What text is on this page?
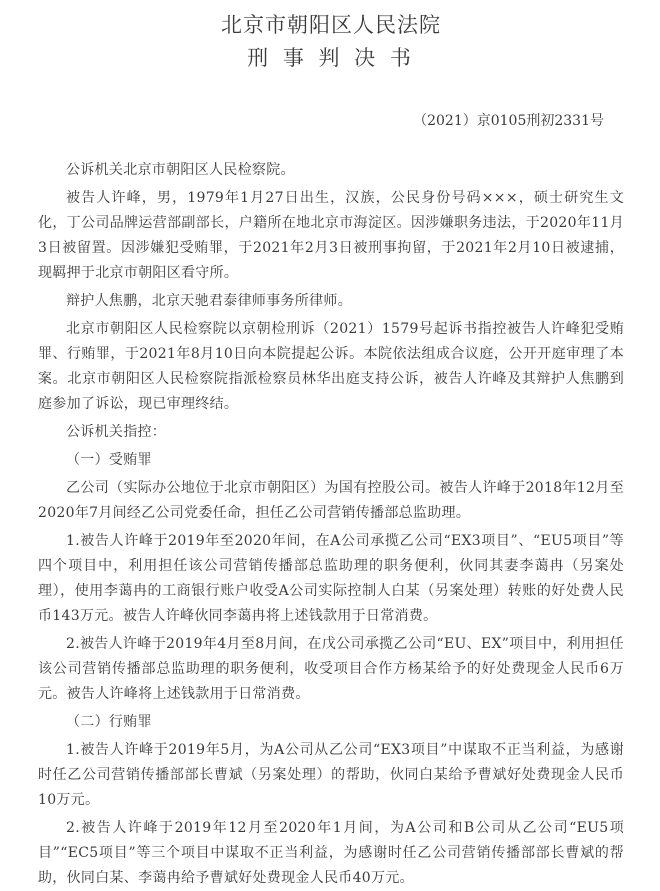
北京市朝阳区人民法院
刑 事 判 决 书
（2021）京0105刑初2331号

公诉机关北京市朝阳区人民检察院。

被告人许峰，男，1979年1月27日出生，汉族，公民身份号码×××，硕士研究生文化，丁公司品牌运营部副部长，户籍所在地北京市海淀区。因涉嫌职务违法，于2020年11月3日被留置。因涉嫌犯受贿罪，于2021年2月3日被刑事拘留，于2021年2月10日被逮捕，现羁押于北京市朝阳区看守所。

辩护人焦鹏，北京天驰君泰律师事务所律师。

北京市朝阳区人民检察院以京朝检刑诉（2021）1579号起诉书指控被告人许峰犯受贿罪、行贿罪，于2021年8月10日向本院提起公诉。本院依法组成合议庭，公开开庭审理了本案。北京市朝阳区人民检察院指派检察员林华出庭支持公诉，被告人许峰及其辩护人焦鹏到庭参加了诉讼，现已审理终结。

公诉机关指控：

（一）受贿罪

乙公司（实际办公地位于北京市朝阳区）为国有控股公司。被告人许峰于2018年12月至2020年7月间经乙公司党委任命，担任乙公司营销传播部总监助理。

1.被告人许峰于2019年至2020年间，在A公司承揽乙公司“EX3项目”、“EU5项目”等四个项目中，利用担任该公司营销传播部总监助理的职务便利，伙同其妻李蔼冉（另案处理），使用李蔼冉的工商银行账户收受A公司实际控制人白某（另案处理）转账的好处费人民币143万元。被告人许峰伙同李蔼冉将上述钱款用于日常消费。

2.被告人许峰于2019年4月至8月间，在戊公司承揽乙公司“EU、EX”项目中，利用担任该公司营销传播部总监助理的职务便利，收受项目合作方杨某给予的好处费现金人民币6万元。被告人许峰将上述钱款用于日常消费。

（二）行贿罪

1.被告人许峰于2019年5月，为A公司从乙公司“EX3项目”中谋取不正当利益，为感谢时任乙公司营销传播部部长曹斌（另案处理）的帮助，伙同白某给予曹斌好处费现金人民币10万元。

2.被告人许峰于2019年12月至2020年1月间，为A公司和B公司从乙公司“EU5项目”“EC5项目”等三个项目中谋取不正当利益，为感谢时任乙公司营销传播部部长曹斌的帮助，伙同白某、李蔼冉给予曹斌好处费现金人民币40万元。
